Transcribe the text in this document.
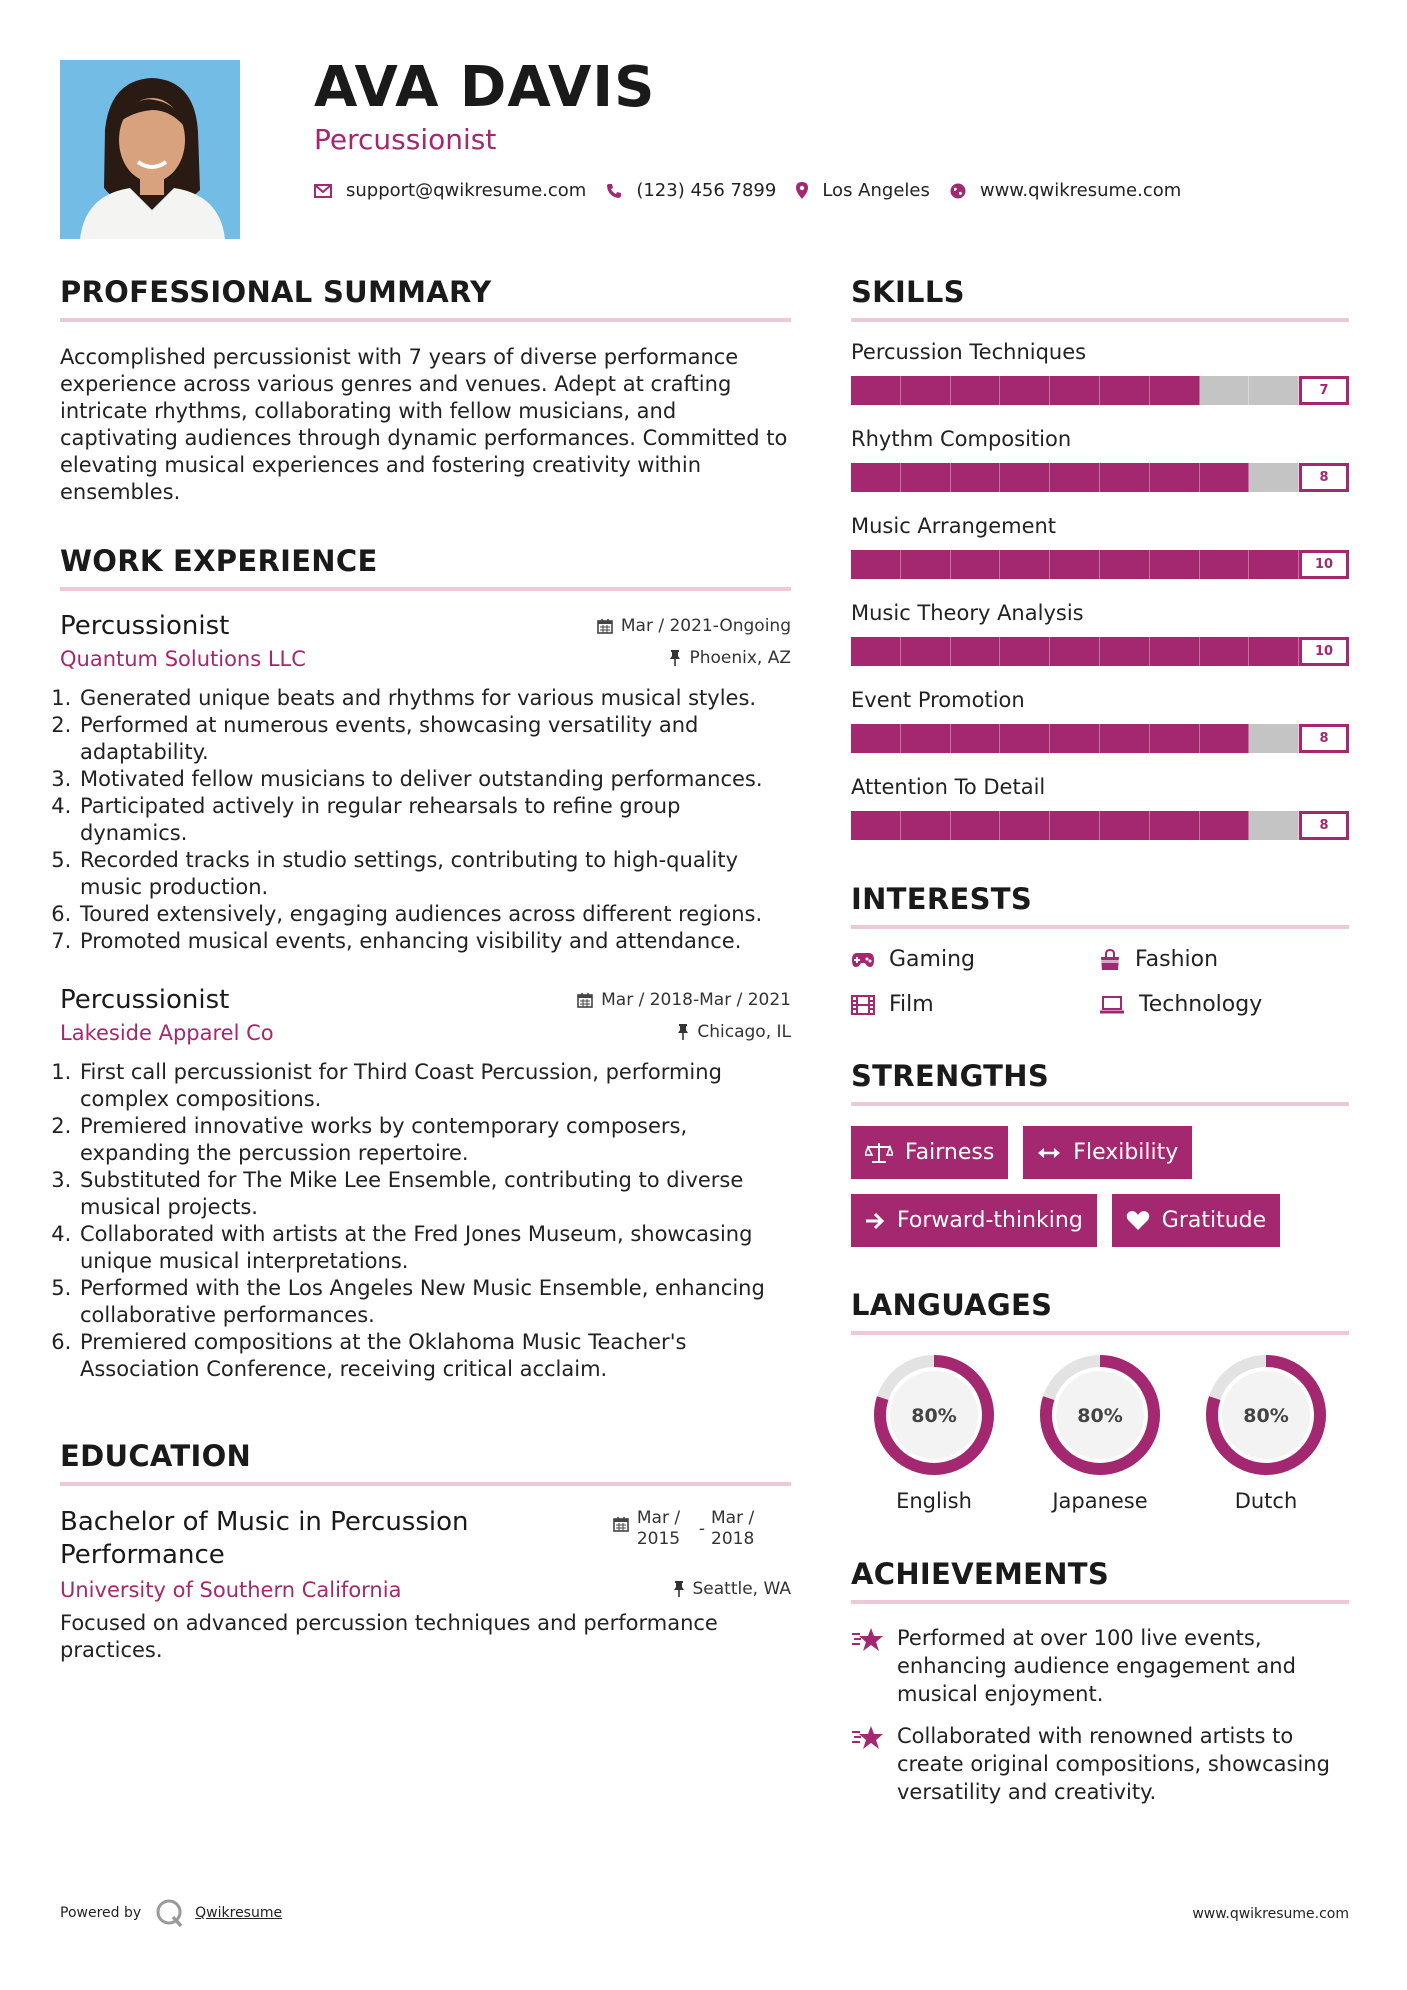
AVA DAVIS
Percussionist
support@qwikresume.com	(123) 456 7899	Los Angeles	www.qwikresume.com
PROFESSIONAL SUMMARY

Accomplished percussionist with 7 years of diverse performance experience across various genres and venues. Adept at crafting intricate rhythms, collaborating with fellow musicians, and captivating audiences through dynamic performances. Committed to elevating musical experiences and fostering creativity within ensembles.

WORK EXPERIENCE
Percussionist	Mar / 2021-Ongoing
Quantum Solutions LLC	Phoenix, AZ
1. Generated unique beats and rhythms for various musical styles.
2. Performed at numerous events, showcasing versatility and adaptability.
3. Motivated fellow musicians to deliver outstanding performances.
4. Participated actively in regular rehearsals to refine group dynamics.
5. Recorded tracks in studio settings, contributing to high-quality music production.
6. Toured extensively, engaging audiences across different regions.
7. Promoted musical events, enhancing visibility and attendance.
Percussionist	Mar / 2018-Mar / 2021
Lakeside Apparel Co	Chicago, IL
1. First call percussionist for Third Coast Percussion, performing complex compositions.
2. Premiered innovative works by contemporary composers, expanding the percussion repertoire.
3. Substituted for The Mike Lee Ensemble, contributing to diverse musical projects.
4. Collaborated with artists at the Fred Jones Museum, showcasing unique musical interpretations.
5. Performed with the Los Angeles New Music Ensemble, enhancing collaborative performances.
6. Premiered compositions at the Oklahoma Music Teacher's Association Conference, receiving critical acclaim.
EDUCATION
Bachelor of Music in Percussion Performance
Mar / 2015	-
Mar / 2018
University of Southern California	Seattle, WA

Focused on advanced percussion techniques and performance practices.

SKILLS
Percussion Techniques
7
Rhythm Composition
8
Music Arrangement
10
Music Theory Analysis
10
Event Promotion
8
Attention To Detail
8
INTERESTS
Gaming	Fashion
Film	Technology
STRENGTHS
Fairness	Flexibility
Forward-thinking	Gratitude
LANGUAGES
80%
English
80%
Japanese
80%
Dutch
ACHIEVEMENTS
Performed at over 100 live events, enhancing audience engagement and musical enjoyment.
Collaborated with renowned artists to create original compositions, showcasing versatility and creativity.
Powered by	Qwikresume	www.qwikresume.com
